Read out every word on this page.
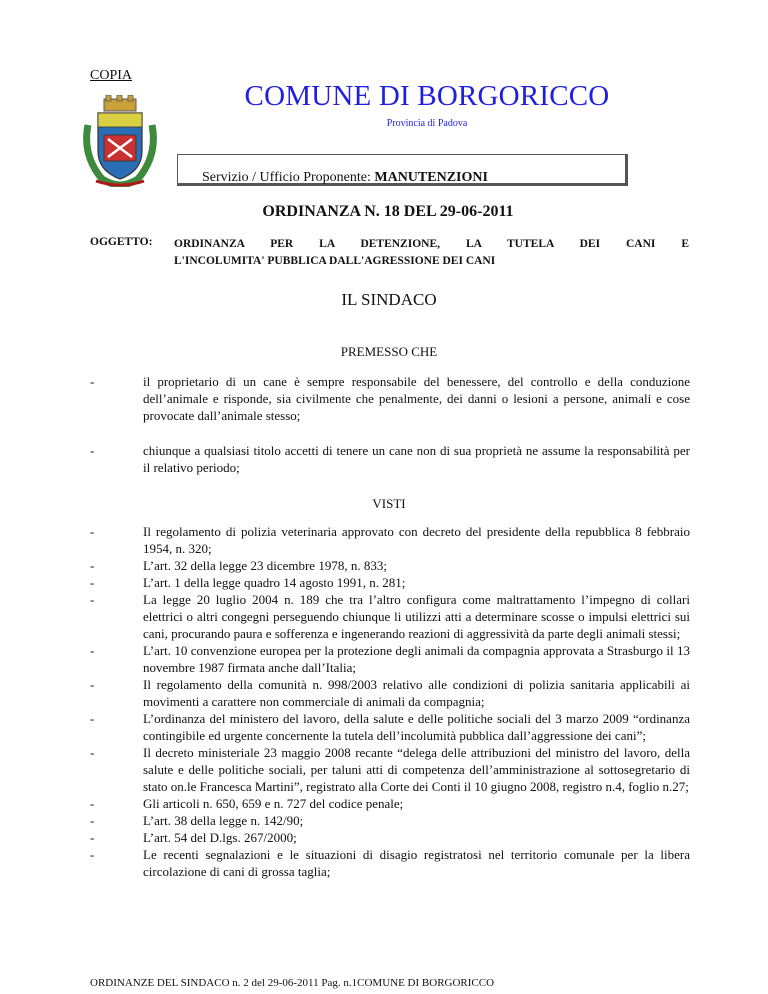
COPIA
COMUNE DI BORGORICCO
Provincia di Padova
Servizio / Ufficio Proponente: MANUTENZIONI
ORDINANZA N. 18 DEL 29-06-2011
OGGETTO: ORDINANZA PER LA DETENZIONE, LA TUTELA DEI CANI E
L'INCOLUMITA' PUBBLICA DALL'AGRESSIONE DEI CANI
IL SINDACO
PREMESSO CHE
-	il proprietario di un cane è sempre responsabile del benessere, del controllo e della conduzione dell’animale e risponde, sia civilmente che penalmente, dei danni o lesioni a persone, animali e cose provocate dall’animale stesso;
-	chiunque a qualsiasi titolo accetti di tenere un cane non di sua proprietà ne assume la responsabilità per il relativo periodo;
VISTI
-	Il regolamento di polizia veterinaria approvato con decreto del presidente della repubblica 8 febbraio 1954, n. 320;
-	L’art. 32 della legge 23 dicembre 1978, n. 833;
-	L’art. 1 della legge quadro 14 agosto 1991, n. 281;
-	La legge 20 luglio 2004 n. 189 che tra l’altro configura come maltrattamento l’impegno di collari elettrici o altri congegni perseguendo chiunque li utilizzi atti a determinare scosse o impulsi elettrici sui cani, procurando paura e sofferenza e ingenerando reazioni di aggressività da parte degli animali stessi;
-	L’art. 10 convenzione europea per la protezione degli animali da compagnia approvata a Strasburgo il 13 novembre 1987 firmata anche dall’Italia;
-	Il regolamento della comunità n. 998/2003 relativo alle condizioni di polizia sanitaria applicabili ai movimenti a carattere non commerciale di animali da compagnia;
-	L’ordinanza del ministero del lavoro, della salute e delle politiche sociali del 3 marzo 2009 “ordinanza contingibile ed urgente concernente la tutela dell’incolumità pubblica dall’aggressione dei cani”;
-	Il decreto ministeriale 23 maggio 2008 recante “delega delle attribuzioni del ministro del lavoro, della salute e delle politiche sociali, per taluni atti di competenza dell’amministrazione al sottosegretario di stato on.le Francesca Martini”, registrato alla Corte dei Conti il 10 giugno 2008, registro n.4, foglio n.27;
-	Gli articoli n. 650, 659 e n. 727 del codice penale;
-	L’art. 38 della legge n. 142/90;
-	L’art. 54 del D.lgs. 267/2000;
-	Le recenti segnalazioni e le situazioni di disagio registratosi nel territorio comunale per la libera circolazione di cani di grossa taglia;
ORDINANZE DEL SINDACO n. 2 del 29-06-2011 Pag. n.1COMUNE DI BORGORICCO
